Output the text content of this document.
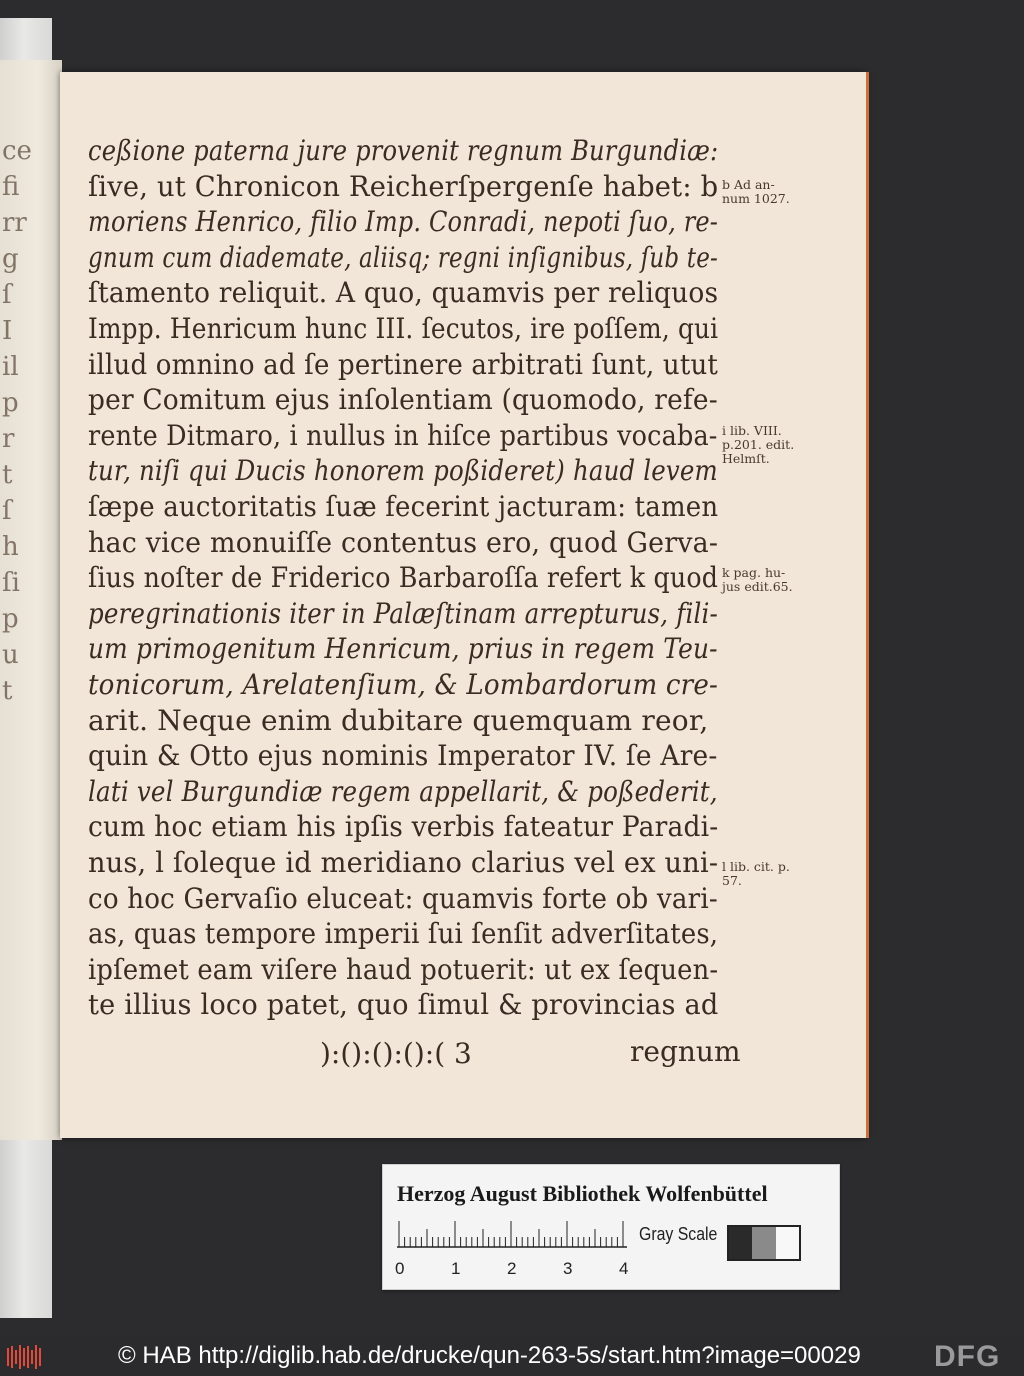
ce
fi
rr
g
ſ
I
il
p
r
t
ſ
h
ſi
p
u
t
ceßione paterna jure provenit regnum Burgundiæ:
ſive, ut Chronicon Reicherſpergenſe habet: b
moriens Henrico, filio Imp. Conradi, nepoti ſuo, re-
gnum cum diademate, aliisq; regni inſignibus, ſub te-
ſtamento reliquit. A quo, quamvis per reliquos
Impp. Henricum hunc III. ſecutos, ire poſſem, qui
illud omnino ad ſe pertinere arbitrati ſunt, utut
per Comitum ejus inſolentiam (quomodo, refe-
rente Ditmaro, i nullus in hiſce partibus vocaba-
tur, niſi qui Ducis honorem poßideret) haud levem
ſæpe auctoritatis ſuæ fecerint jacturam: tamen
hac vice monuiſſe contentus ero, quod Gerva-
ſius noſter de Friderico Barbaroſſa refert k quod
peregrinationis iter in Palæſtinam arrepturus, fili-
um primogenitum Henricum, prius in regem Teu-
tonicorum, Arelatenſium, & Lombardorum cre-
arit. Neque enim dubitare quemquam reor,
quin & Otto ejus nominis Imperator IV. ſe Are-
lati vel Burgundiæ regem appellarit, & poßederit,
cum hoc etiam his ipſis verbis fateatur Paradi-
nus, l ſoleque id meridiano clarius vel ex uni-
co hoc Gervaſio eluceat: quamvis forte ob vari-
as, quas tempore imperii ſui ſenſit adverſitates,
ipſemet eam viſere haud potuerit: ut ex ſequen-
te illius loco patet, quo ſimul & provincias ad
b Ad an-
num 1027.
i lib. VIII.
p.201. edit.
Helmſt.
k pag. hu-
jus edit.65.
l lib. cit. p.
57.
):():():():( 3	regnum
Herzog August Bibliothek Wolfenbüttel
Gray Scale
0	1	2	3	4
© HAB http://diglib.hab.de/drucke/qun-263-5s/start.htm?image=00029 DFG
